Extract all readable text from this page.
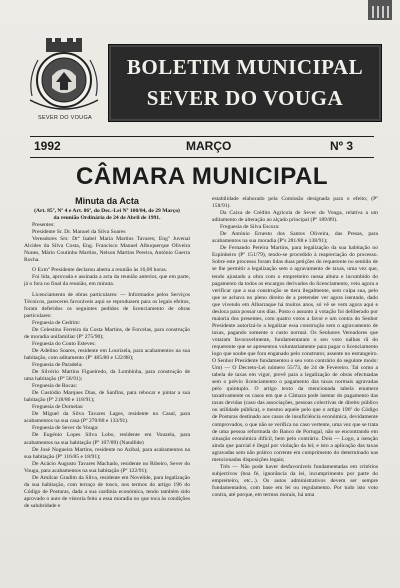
SEVER DO VOUGA
BOLETIM MUNICIPAL
SEVER DO VOUGA
1992	MARÇO	Nº 3
CÂMARA MUNICIPAL
Minuta da Acta

(Art. 85º, Nº 4 e Art. 86º, do Dec.-Lei Nº 100/84, de 29 Março)

da reunião Ordinária de 24 de Abril de 1991.

Presentes:

Presidente Sr. Dr. Manuel da Silva Soares

Vereadores Srs: Drª Isabel Maria Martins Tavares; Engº Juvenal Alcides da Silva Costa, Eng. Francisco Manuel Albuquerque Oliveira Nunes, Mário Coutinho Martins, Nelson Martins Pereira, António Guerra Rocha.

O Exmº Presidente declarou aberta a reunião às 16,00 horas.

Foi lida, aprovada e assinada a acta da reunião anterior, que em parte, já o fora no final da reunião, em minuta.

Licenciamento de obras particulares: — Informados pelos Serviços Técnicos, pareceres favoráveis aqui se reproduzem para os legais efeitos, foram deferidos os seguintes pedidos de licenciamento de obras particulares:

Freguesia de Cedrim:

De Celestino Ferreira da Costa Martins, de Forcelas, para construção de moradia unifamiliar (Pº 275/90);

Freguesia do Couto Esteves:

De Adelino Soares, residente em Lourizela, para acabamentos na sua habitação, com aditamento (Pº 485/80 e 122/88);

Freguesia de Paradela:

De Silvério Martins Figueiredo, da Lombinha, para construção de uma habitação (Pº 56/91);

Freguesia de Rocas:

De Custódio Marques Dias, de Sanfins, para rebocar e pintar a sua habitação (Pº 218/86 e 118/91);

Freguesia de Dornelas:

De Miguel da Silva Tavares Lages, residente no Casal, para acabamentos na sua casa (Pº 270/88 e 133/91).

Freguesia de Sever do Vouga:

De Eugénio Lopes Silva Lobo, residente em Vouzela, para acabamentos na sua habitação (Pº 107/89) (Nandlide)

De José Nogueira Martins, residente no Azibal, para acabamentos na sua habitação (Pº 116/85 e 18/91);

De Acácio Augusto Tavares Machado, residente no Ribeiro, Sever do Vouga, para acabamentos na sua habitação (Pº 122/91);

De Amílcar Gradim da Silva, residente em Novelide, para legalização da sua habitação, com terraço de tosco, nos termos do artigo 196 do Código de Posturas, dada a sua cardinia económica, tendo também sido aprovado o auto de vistoria feito a essa moradia no que toca às condições de salubridade e

estabilidade elaborado pela Comissão designada para o efeito; (Pº 158/91).

Da Caixa de Crédito Agrícola de Sever do Vouga, relativa a um aditamento de alteração ao alçado principal (Pº 189/89).

Freguesia de Silva Escura:

De António Ernesto dos Santos Oliveira, das Presas, para acabamentos na sua moradia (Pºs 281/88 e 138/91);

De Fernando Pereira Martins, para legalização da sua habitação no Espinheiro (Pº 151/79), tendo-se procedido à reapreciação do processo. Sobre este processo foram lidas duas petições do requerente no sentido de se lhe permitir a legalização sem o agravamento de taxas, uma vez que, tendo ajustado a obra com o empreiteiro nessa altura e incumbido do pagamento da todos os encargos derivados do licenciamento, veio agora a verificar que a sua construção se tiera ilegalmente, sem culpa sua, pelo que se achava no pleno direito de a pretender ver agora isentado, dado que vivendo em Albarraque há muitos anos, só vê se vem agora aqui e desloca para possar uns dias. Posto o assunto à votação foi deliberado por maioria dos presentes, com quatro votos a favor e um contra do Senhor Presidente autorizá-lo a legalizar essa construção sem o agravamento de taxas, pagando somente o custo normal. Os Senhores Vereadores que votaram favoravelmente, fundamentaram o seu voto nalbas rã do requerente que se apresentou voluntariamente para pagar o licenciamento logo que soube que fora enganado pelo construtor, assente no estrangeiro. O Senhor Presidente fundamentou o seu voto contrário do seguinte modo: Um) — O Decreto-Lei número 55/73, de 24 de Fevereiro. Tal como a tabela de taxas em vigor, prevê para a legalização de obras efectuadas sem o prévio licenciamento o pagamento das taxas normais agravadas pelo quíntuplo. O artigo texto da mencionada tabela enumera taxativamente os casos em que a Câmara pode isentar do pagamento das taxas devidas (caso das associações, pessoas colectivas de direito público ou utilidade pública), e mesmo aquele pelo que o artigo 196º do Código de Posturas destinado aos casos de insuficiência económica, devidamente comprovados, o que não se verifica no caso vertente, uma vez que se trata de uma pessoa reformada do Banco de Portugal, não se encontrando em situação económica difícil, bem pelo contrário. Dois — Logo, a isenção ainda que parcial é ilegal por violação da lei; e isto a aplicação das taxas agravadas sem não prático corrente em cumprimento do determinado nas mencionadas disposições legais;

Três — Não pode haver desfavoráveis fundamentadas em critérios subjectivos (boa fé, ignorância da lei, incumprimento por parte do empreiteiro, etc...). Os autos administrativos devem ser sempre fundamentados, com base em lei ou regulamento. Por tudo isto voto contra, até porque, em termos morais, há uma
